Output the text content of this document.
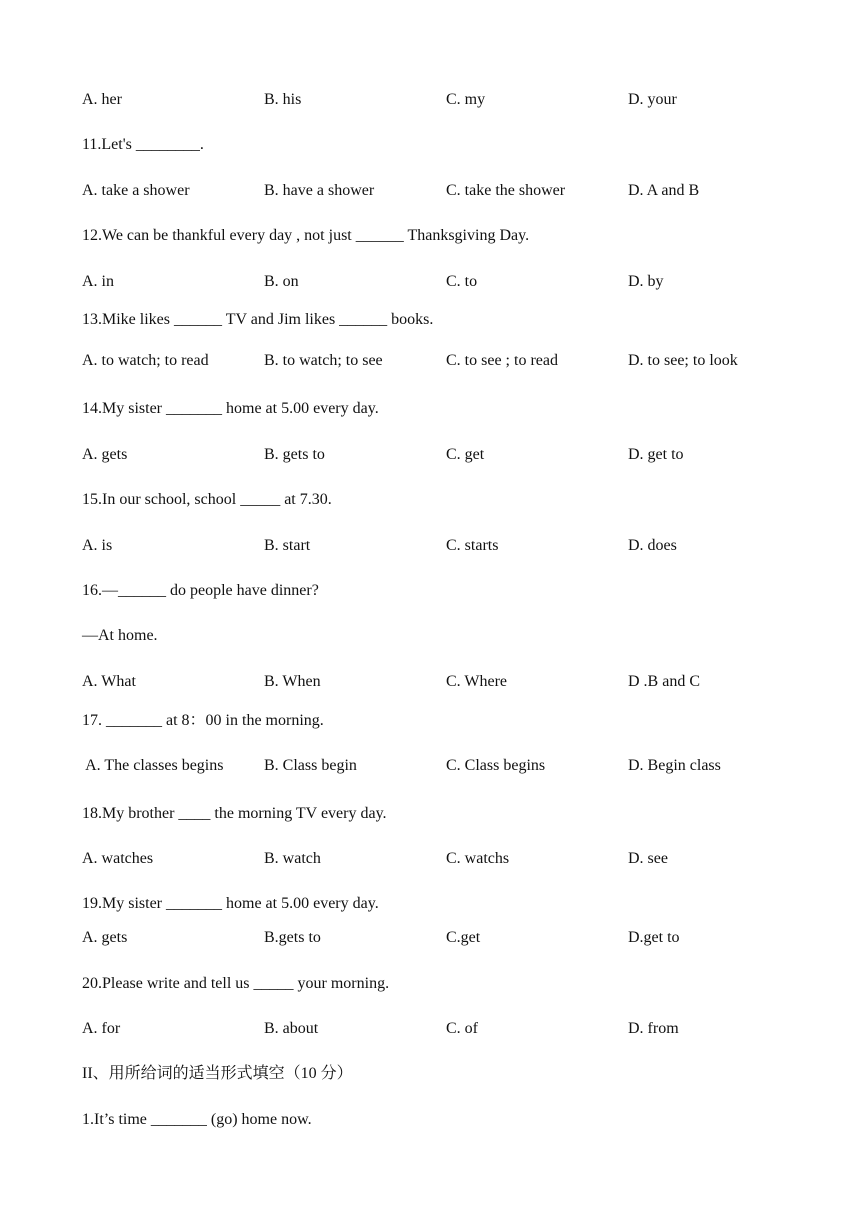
A. her	B. his	C. my	D. your
11.Let's ________.
A. take a shower	B. have a shower	C. take the shower	D. A and B
12.We can be thankful every day , not just ______ Thanksgiving Day.
A. in	B. on	C. to	D. by
13.Mike likes ______ TV and Jim likes ______ books.
A. to watch; to read	B. to watch; to see	C. to see ; to read	D. to see; to look
14.My sister _______ home at 5.00 every day.
A. gets	B. gets to	C. get	D. get to
15.In our school, school _____ at 7.30.
A. is	B. start	C. starts	D. does
16.—______ do people have dinner?
—At home.
A. What	B. When	C. Where	D .B and C
17. _______ at 8：00 in the morning.
A. The classes begins	B. Class begin	C. Class begins	D. Begin class
18.My brother ____ the morning TV every day.
A. watches	B. watch	C. watchs	D. see
19.My sister _______ home at 5.00 every day.
A. gets	B.gets to	C.get	D.get to
20.Please write and tell us _____ your morning.
A. for	B. about	C. of	D. from
II、用所给词的适当形式填空（10 分）
1.It’s time _______ (go) home now.
